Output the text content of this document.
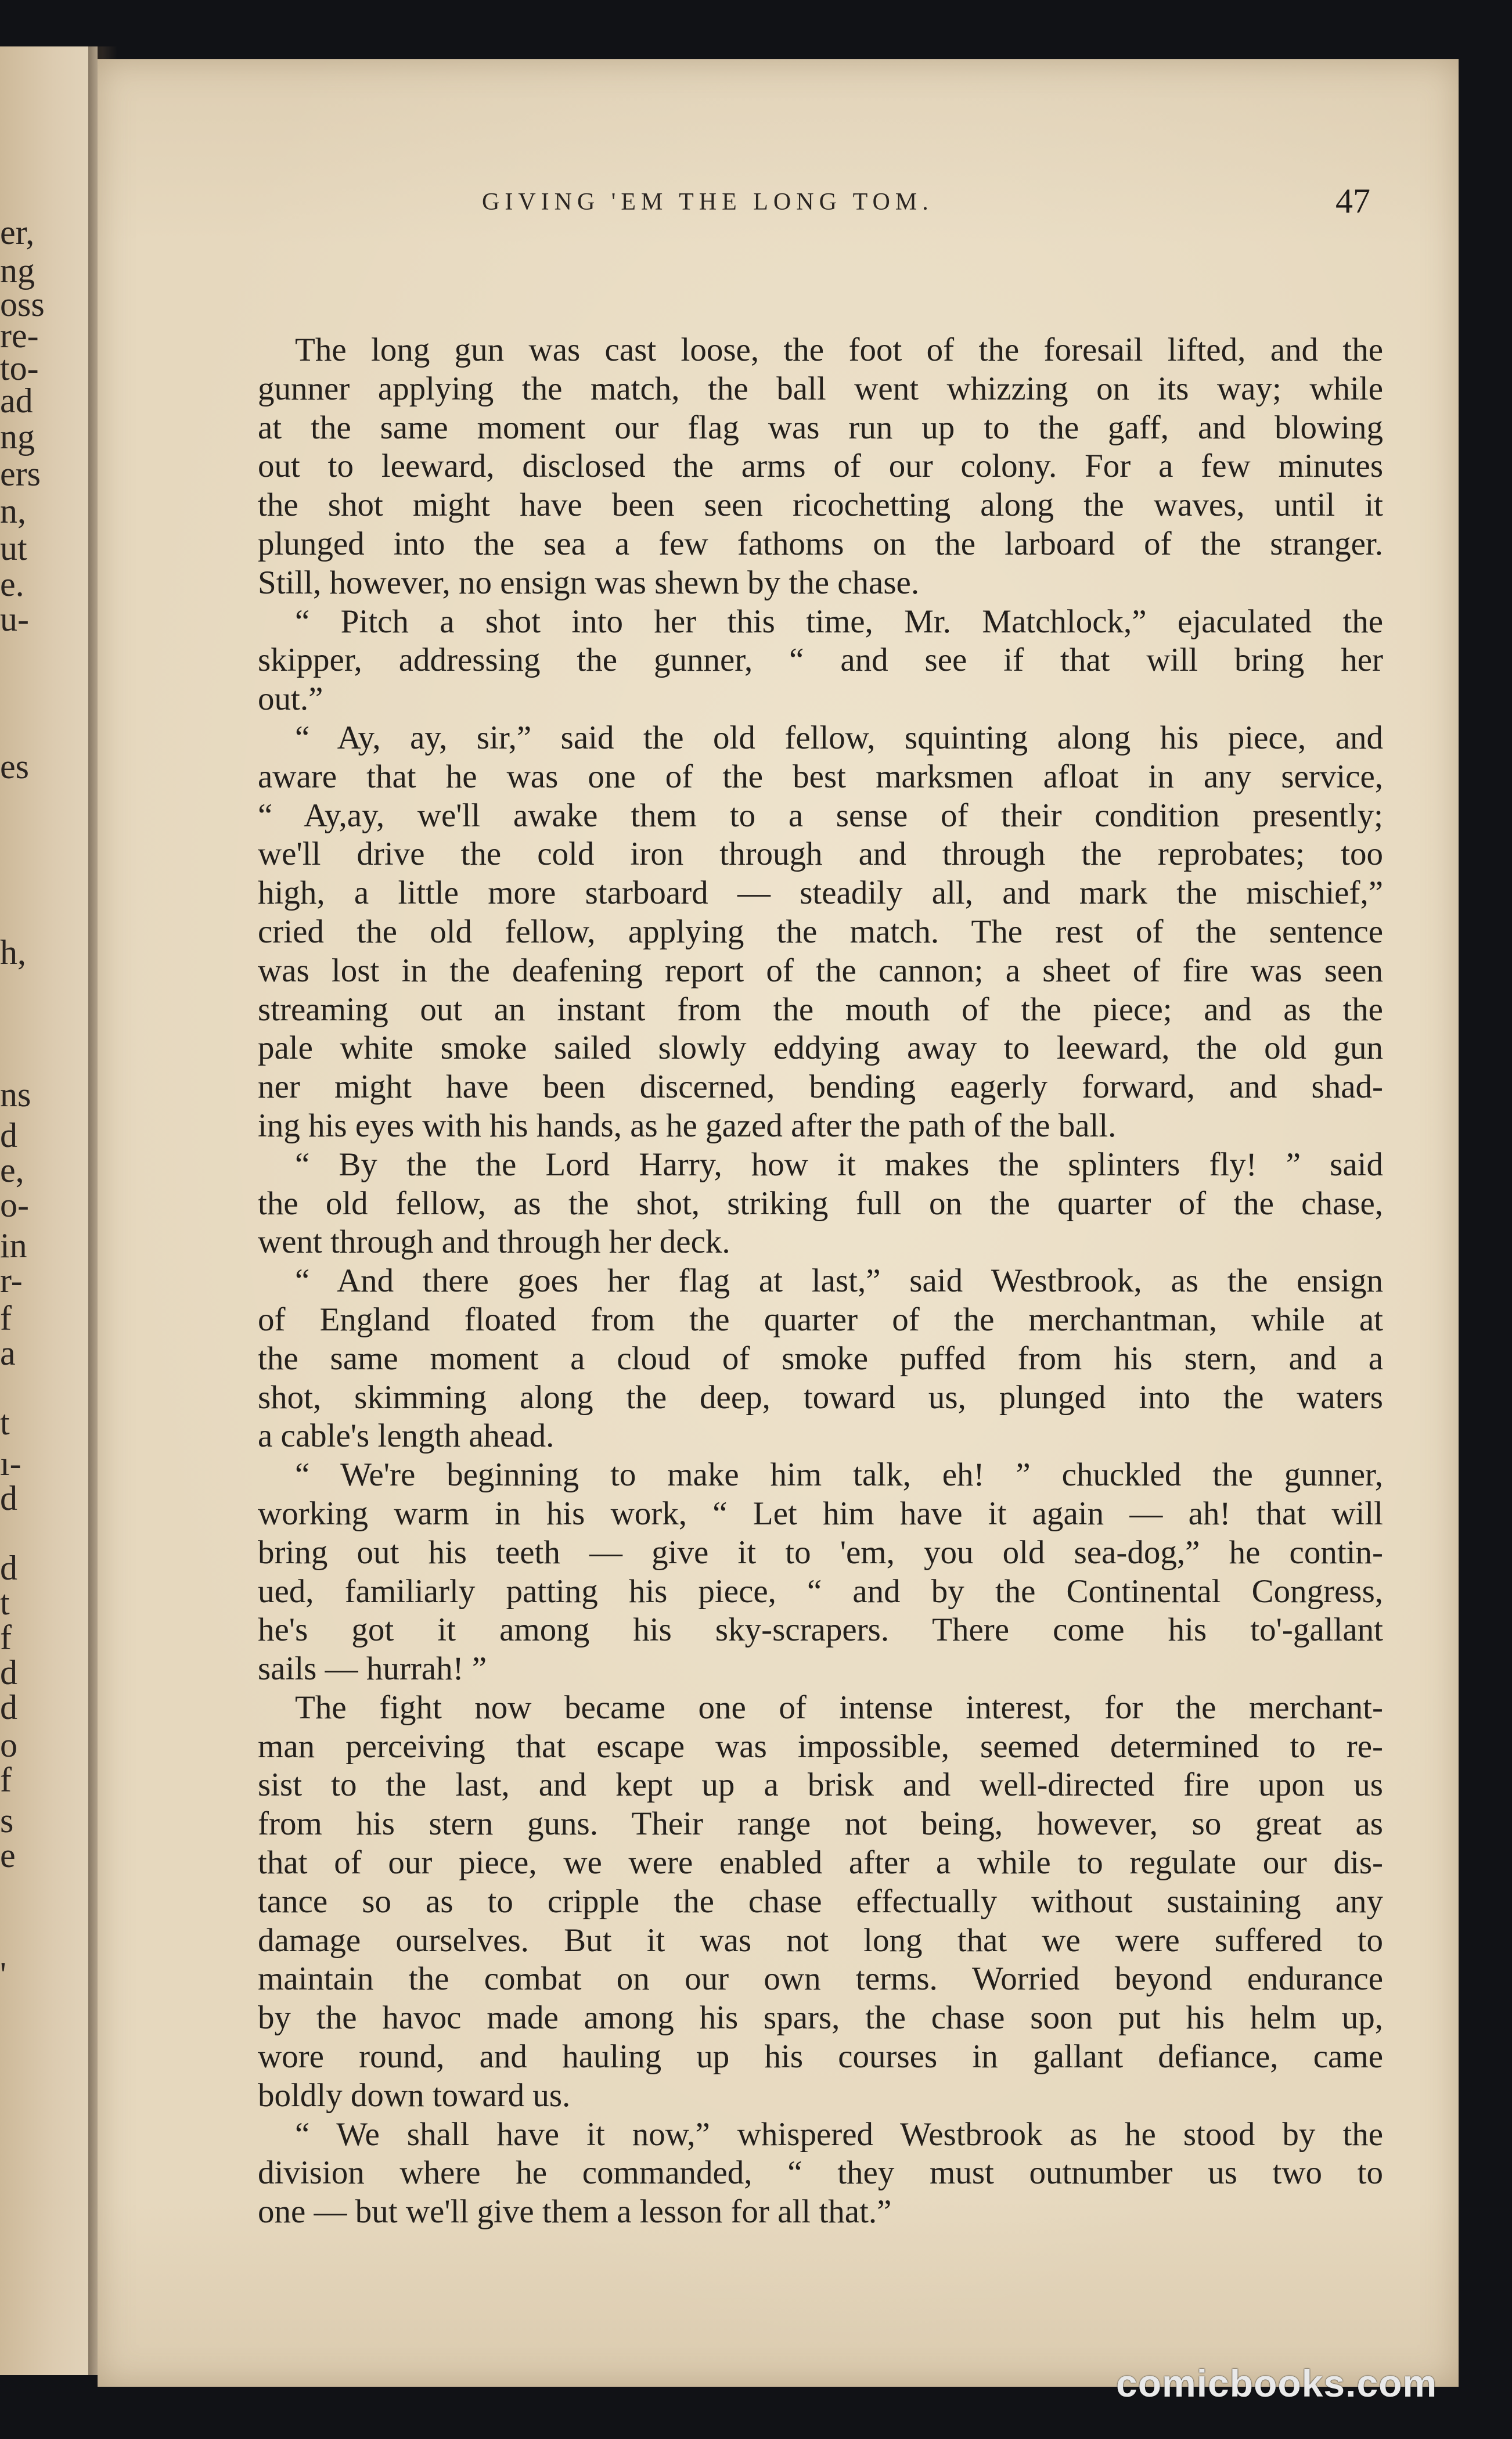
er,
ng
oss
re-
to-
ad
ng
ers
n,
ut
e.
u-
es
h,
ns
d
e,
o-
in
r-
f
a
t
ı-
d
d
t
f
d
d
o
f
s
e
'
GIVING 'EM THE LONG TOM.	47
The long gun was cast loose, the foot of the foresail lifted, and the
gunner applying the match, the ball went whizzing on its way; while
at the same moment our flag was run up to the gaff, and blowing
out to leeward, disclosed the arms of our colony. For a few minutes
the shot might have been seen ricochetting along the waves, until it
plunged into the sea a few fathoms on the larboard of the stranger.
Still, however, no ensign was shewn by the chase.
“ Pitch a shot into her this time, Mr. Matchlock,” ejaculated the
skipper, addressing the gunner, “ and see if that will bring her
out.”
“ Ay, ay, sir,” said the old fellow, squinting along his piece, and
aware that he was one of the best marksmen afloat in any service,
“ Ay,ay, we'll awake them to a sense of their condition presently;
we'll drive the cold iron through and through the reprobates; too
high, a little more starboard — steadily all, and mark the mischief,”
cried the old fellow, applying the match. The rest of the sentence
was lost in the deafening report of the cannon; a sheet of fire was seen
streaming out an instant from the mouth of the piece; and as the
pale white smoke sailed slowly eddying away to leeward, the old gun
ner might have been discerned, bending eagerly forward, and shad-
ing his eyes with his hands, as he gazed after the path of the ball.
“ By the the Lord Harry, how it makes the splinters fly! ” said
the old fellow, as the shot, striking full on the quarter of the chase,
went through and through her deck.
“ And there goes her flag at last,” said Westbrook, as the ensign
of England floated from the quarter of the merchantman, while at
the same moment a cloud of smoke puffed from his stern, and a
shot, skimming along the deep, toward us, plunged into the waters
a cable's length ahead.
“ We're beginning to make him talk, eh! ” chuckled the gunner,
working warm in his work, “ Let him have it again — ah! that will
bring out his teeth — give it to 'em, you old sea-dog,” he contin-
ued, familiarly patting his piece, “ and by the Continental Congress,
he's got it among his sky-scrapers. There come his to'-gallant
sails — hurrah! ”
The fight now became one of intense interest, for the merchant-
man perceiving that escape was impossible, seemed determined to re-
sist to the last, and kept up a brisk and well-directed fire upon us
from his stern guns. Their range not being, however, so great as
that of our piece, we were enabled after a while to regulate our dis-
tance so as to cripple the chase effectually without sustaining any
damage ourselves. But it was not long that we were suffered to
maintain the combat on our own terms. Worried beyond endurance
by the havoc made among his spars, the chase soon put his helm up,
wore round, and hauling up his courses in gallant defiance, came
boldly down toward us.
“ We shall have it now,” whispered Westbrook as he stood by the
division where he commanded, “ they must outnumber us two to
one — but we'll give them a lesson for all that.”
comicbooks.com
